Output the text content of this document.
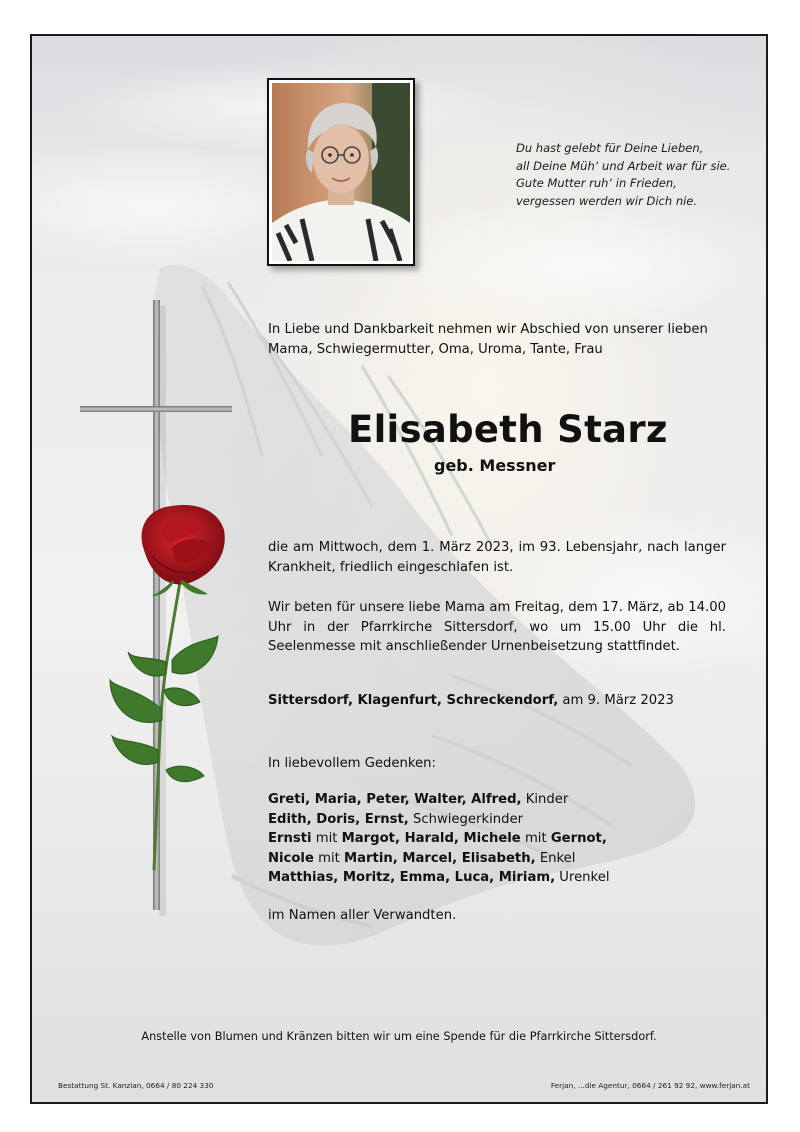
Du hast gelebt für Deine Lieben,
all Deine Müh‘ und Arbeit war für sie.
Gute Mutter ruh‘ in Frieden,
vergessen werden wir Dich nie.
In Liebe und Dankbarkeit nehmen wir Abschied von unserer lieben
Mama, Schwiegermutter, Oma, Uroma, Tante, Frau
Elisabeth Starz
geb. Messner
die am Mittwoch, dem 1. März 2023, im 93. Lebensjahr, nach langer Krankheit, friedlich eingeschlafen ist.
Wir beten für unsere liebe Mama am Freitag, dem 17. März, ab 14.00 Uhr in der Pfarrkirche Sittersdorf, wo um 15.00 Uhr die hl. Seelenmesse mit anschließender Urnenbeisetzung stattfindet.
Sittersdorf, Klagenfurt, Schreckendorf, am 9. März 2023
In liebevollem Gedenken:
Greti, Maria, Peter, Walter, Alfred, Kinder
Edith, Doris, Ernst, Schwiegerkinder
Ernsti mit Margot, Harald, Michele mit Gernot,
Nicole mit Martin, Marcel, Elisabeth, Enkel
Matthias, Moritz, Emma, Luca, Miriam, Urenkel
im Namen aller Verwandten.
Anstelle von Blumen und Kränzen bitten wir um eine Spende für die Pfarrkirche Sittersdorf.
Bestattung St. Kanzian, 0664 / 80 224 330	Ferjan, ...die Agentur, 0664 / 261 92 92, www.ferjan.at
